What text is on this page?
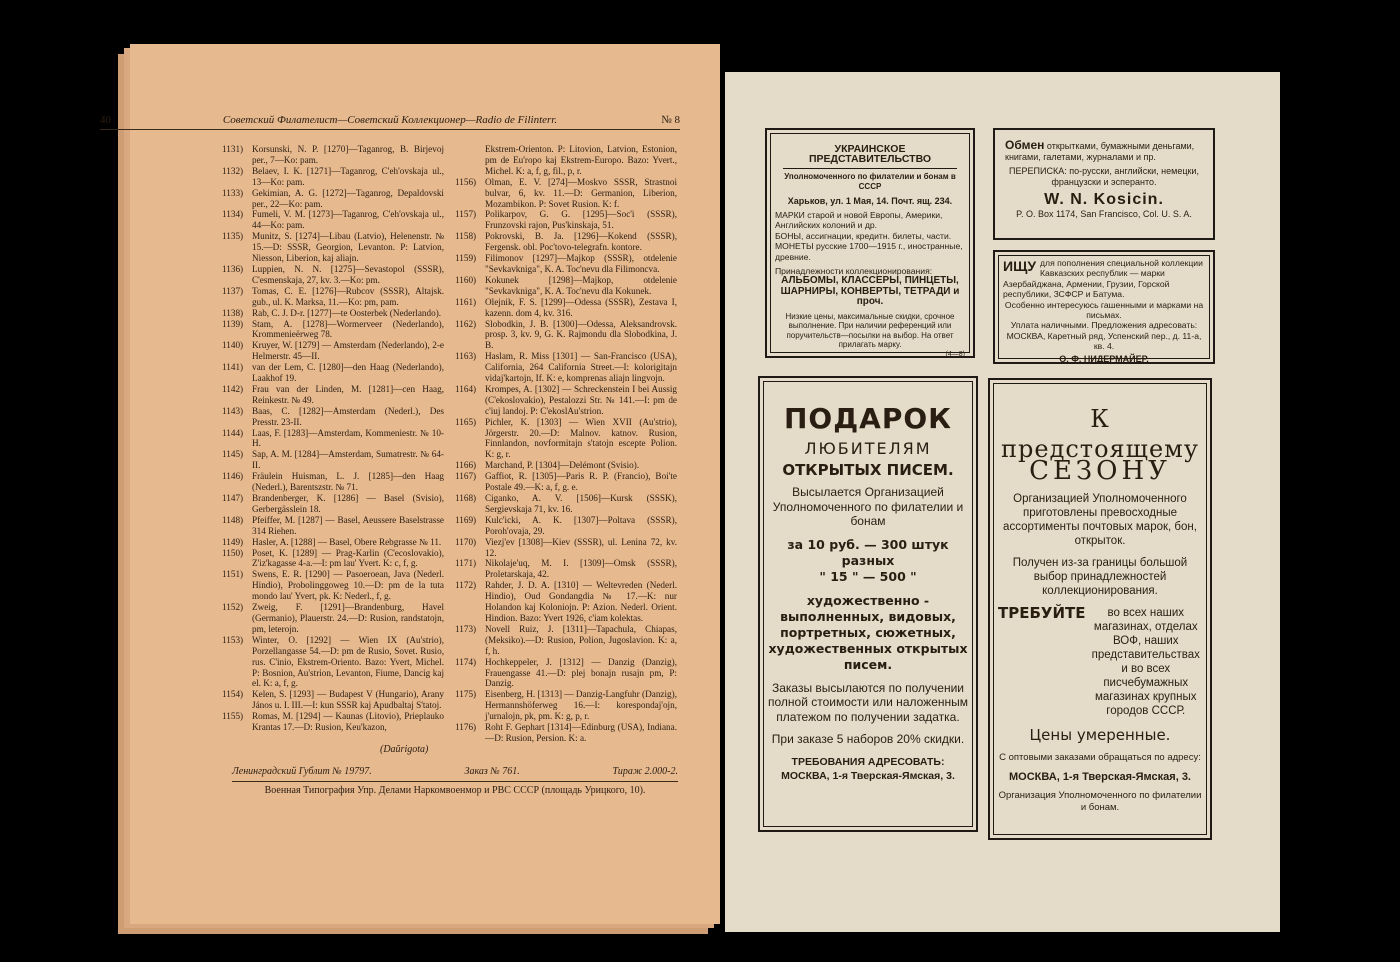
40	Советский Филателист—Советский Коллекционер—Radio de Filinterr.	№ 8
1131) Korsunski, N. P. [1270]—Taganrog, B. Birjevoj per., 7—Ko: pam.
1132) Belaev, I. K. [1271]—Taganrog, C'eh'ovskaja ul., 13—Ko: pam.
1133) Gekimian, A. G. [1272]—Taganrog, Depaldovski per., 22—Ko: pam.
1134) Fumeli, V. M. [1273]—Taganrog, C'eh'ovskaja ul., 44—Ko: pam.
1135) Munitz, S. [1274]—Libau (Latvio), Helenenstr. № 15.—D: SSSR, Georgion, Levanton. P: Latvion, Niesson, Liberion, kaj aliajn.
1136) Luppien, N. N. [1275]—Sevastopol (SSSR), C'esmenskaja, 27, kv. 3.—Ko: pm.
1137) Tomas, C. E. [1276]—Rubcov (SSSR), Altajsk. gub., ul. K. Marksa, 11.—Ko: pm, pam.
1138) Rab, C. J. D-r. [1277]—te Oosterbek (Nederlando).
1139) Stam, A. [1278]—Wormerveer (Nederlando), Krommenieërweg 78.
1140) Kruyer, W. [1279] — Amsterdam (Nederlando), 2-e Helmerstr. 45—II.
1141) van der Lem, C. [1280]—den Haag (Nederlando), Laakhof 19.
1142) Frau van der Linden, M. [1281]—cen Haag, Reinkestr. № 49.
1143) Baas, C. [1282]—Amsterdam (Nederl.), Des Presstr. 23-II.
1144) Laas, F. [1283]—Amsterdam, Kommeniestr. № 10-H.
1145) Sap, A. M. [1284]—Amsterdam, Sumatrestr. № 64-II.
1146) Fräulein Huisman, L. J. [1285]—den Haag (Nederl.), Barentszstr. № 71.
1147) Brandenberger, K. [1286] — Basel (Svisio), Gerbergässlein 18.
1148) Pfeiffer, M. [1287] — Basel, Aeussere Baselstrasse 314 Riehen.
1149) Hasler, A. [1288] — Basel, Obere Rebgrasse № 11.
1150) Poset, K. [1289] — Prag-Karlin (C'ecoslovakio), Z'iz'kagasse 4-a.—I: pm lau' Yvert. K: c, f, g.
1151) Swens, E. R. [1290] — Pasoeroean, Java (Nederl. Hindio), Probolinggoweg 10.—D: pm de la tuta mondo lau' Yvert, pk. K: Nederl., f, g.
1152) Zweig, F. [1291]—Brandenburg, Havel (Germanio), Plauerstr. 24.—D: Rusion, randstatojn, pm, leterojn.
1153) Winter, O. [1292] — Wien IX (Au'strio), Porzellangasse 54.—D: pm de Rusio, Sovet. Rusio, rus. C'inio, Ekstrem-Oriento. Bazo: Yvert, Michel. P: Bosnion, Au'strion, Levanton, Fiume, Dancig kaj el. K: a, f, g.
1154) Kelen, S. [1293] — Budapest V (Hungario), Arany János u. I. III.—I: kun SSSR kaj Apudbaltaj S'tatoj.
1155) Romas, M. [1294] — Kaunas (Litovio), Prieplauko Krantas 17.—D: Rusion, Keu'kazon,
Ekstrem-Orienton. P: Litovion, Latvion, Estonion, pm de Eu'ropo kaj Ekstrem-Europo. Bazo: Yvert., Michel. K: a, f, g, fil., p, r.
1156) Olman, E. V. [274]—Moskvo SSSR, Strastnoi bulvar, 6, kv. 11.—D: Germanion, Liberion, Mozambikon. P: Sovet Rusion. K: f.
1157) Polikarpov, G. G. [1295]—Soc'i (SSSR), Frunzovski rajon, Pus'kinskaja, 51.
1158) Pokrovski, B. Ja. [1296]—Kokend (SSSR), Fergensk. obl. Poc'tovo-telegrafn. kontore.
1159) Filimonov [1297]—Majkop (SSSR), otdelenie "Sevkavkniga", K. A. Toc'nevu dla Filimoncva.
1160) Kokunek [1298]—Majkop, otdelenie "Sevkavkniga", K. A. Toc'nevu dla Kokunek.
1161) Olejnik, F. S. [1299]—Odessa (SSSR), Zestava I, kazenn. dom 4, kv. 316.
1162) Slobodkin, J. B. [1300]—Odessa, Aleksandrovsk. prosp. 3, kv. 9, G. K. Rajmondu dla Slobodkina, J. B.
1163) Haslam, R. Miss [1301] — San-Francisco (USA), California, 264 California Street.—I: kolorigitajn vidaj'kartojn, If. K: e, komprenas aliajn lingvojn.
1164) Krompes, A. [1302] — Schreckenstein I bei Aussig (C'ekoslovakio), Pestalozzi Str. № 141.—I: pm de c'iuj landoj. P: C'ekoslAu'strion.
1165) Pichler, K. [1303] — Wien XVII (Au'strio), Jörgerstr. 20.—D: Malnov. katnov. Rusion, Finnlandon, novformitajn s'tatojn escepte Polion. K: g, r.
1166) Marchand, P. [1304]—Delémont (Svisio).
1167) Gaffiot, R. [1305]—Paris R. P. (Francio), Boi'te Postale 49.—K: a, f, g. e.
1168) Ciganko, A. V. [1506]—Kursk (SSSK), Sergievskaja 71, kv. 16.
1169) Kulc'icki, A. K. [1307]—Poltava (SSSR), Poroh'ovaja, 29.
1170) Viezj'ev [1308]—Kiev (SSSR), ul. Lenina 72, kv. 12.
1171) Nikolaje'uq, M. I. [1309]—Omsk (SSSR), Proletarskaja, 42.
1172) Rahder, J. D. A. [1310] — Weltevreden (Nederl. Hindio), Oud Gondangdia № 17.—K: nur Holandon kaj Koloniojn. P: Azion. Nederl. Orient. Hindion. Bazo: Yvert 1926, c'iam kolektas.
1173) Novell Ruiz, J. [1311]—Tapachula, Chiapas, (Meksiko).—D: Rusion, Polion, Jugoslavion. K: a, f, h.
1174) Hochkeppeler, J. [1312] — Danzig (Danzig), Frauengasse 41.—D: plej bonajn rusajn pm, P: Danzig.
1175) Eisenberg, H. [1313] — Danzig-Langfuhr (Danzig), Hermannshöferweg 16.—I: korespondaj'ojn, j'urnalojn, pk, pm. K: g, p, r.
1176) Roht F. Gephart [1314]—Edinburg (USA), Indiana.—D: Rusion, Persion. K: a.
(Daŭrigota)
Ленинградский Гублит № 19797.	Заказ № 761.	Тираж 2.000-2.
Военная Типография Упр. Делами Наркомвоенмор и РВС СССР (площадь Урицкого, 10).
УКРАИНСКОЕ ПРЕДСТАВИТЕЛЬСТВО
Уполномоченного по филателии и бонам в СССР
Харьков, ул. 1 Мая, 14. Почт. ящ. 234.
МАРКИ старой и новой Европы, Америки, Английских колоний и др.
БОНЫ, ассигнации, кредитн. билеты, части.
МОНЕТЫ русские 1700—1915 г., иностранные, древние.
Принадлежности коллекционирования:
АЛЬБОМЫ, КЛАССЕРЫ, ПИНЦЕТЫ, ШАРНИРЫ, КОНВЕРТЫ, ТЕТРАДИ и проч.
Низкие цены, максимальные скидки, срочное выполнение. При наличии референций или поручительств—посылки на выбор. На ответ прилагать марку.
(4—8)
Обмен открытками, бумажными деньгами, книгами, галетами, журналами и пр.
ПЕРЕПИСКА: по-русски, английски, немецки, французски и эсперанто.
W. N. Kosicin.
P. O. Box 1174, San Francisco, Col. U. S. A.
ИЩУ для пополнения специальной коллекции Кавказских республик — марки Азербайджана, Армении, Грузии, Горской республики, ЗСФСР и Батума.
Особенно интересуюсь гашенными и марками на письмах.
Уплата наличными. Предложения адресовать: МОСКВА, Каретный ряд, Успенский пер., д. 11-а, кв. 4.
О. Ф. НИДЕРМАЙЕР.
ПОДАРОК
ЛЮБИТЕЛЯМ
ОТКРЫТЫХ ПИСЕМ.

Высылается Организацией Уполномоченного по филателии и бонам

за 10 руб. — 300 штук разных
" 15 " — 500 "

художественно - выполненных, видовых, портретных, сюжетных, художественных открытых писем.

Заказы высылаются по получении полной стоимости или наложенным платежом по получении задатка.

При заказе 5 наборов 20% скидки.

ТРЕБОВАНИЯ АДРЕСОВАТЬ:
МОСКВА, 1-я Тверская-Ямская, 3.
К предстоящему
СЕЗОНУ

Организацией Уполномоченного приготовлены превосходные ассортименты почтовых марок, бон, открыток.

Получен из-за границы большой выбор принадлежностей коллекционирования.

ТРЕБУЙТЕ	во всех наших магазинах, отделах ВОФ, наших представительствах и во всех писчебумажных магазинах крупных городов СССР.
Цены умеренные.
С оптовыми заказами обращаться по адресу:
МОСКВА, 1-я Тверская-Ямская, 3.
Организация Уполномоченного по филателии и бонам.
